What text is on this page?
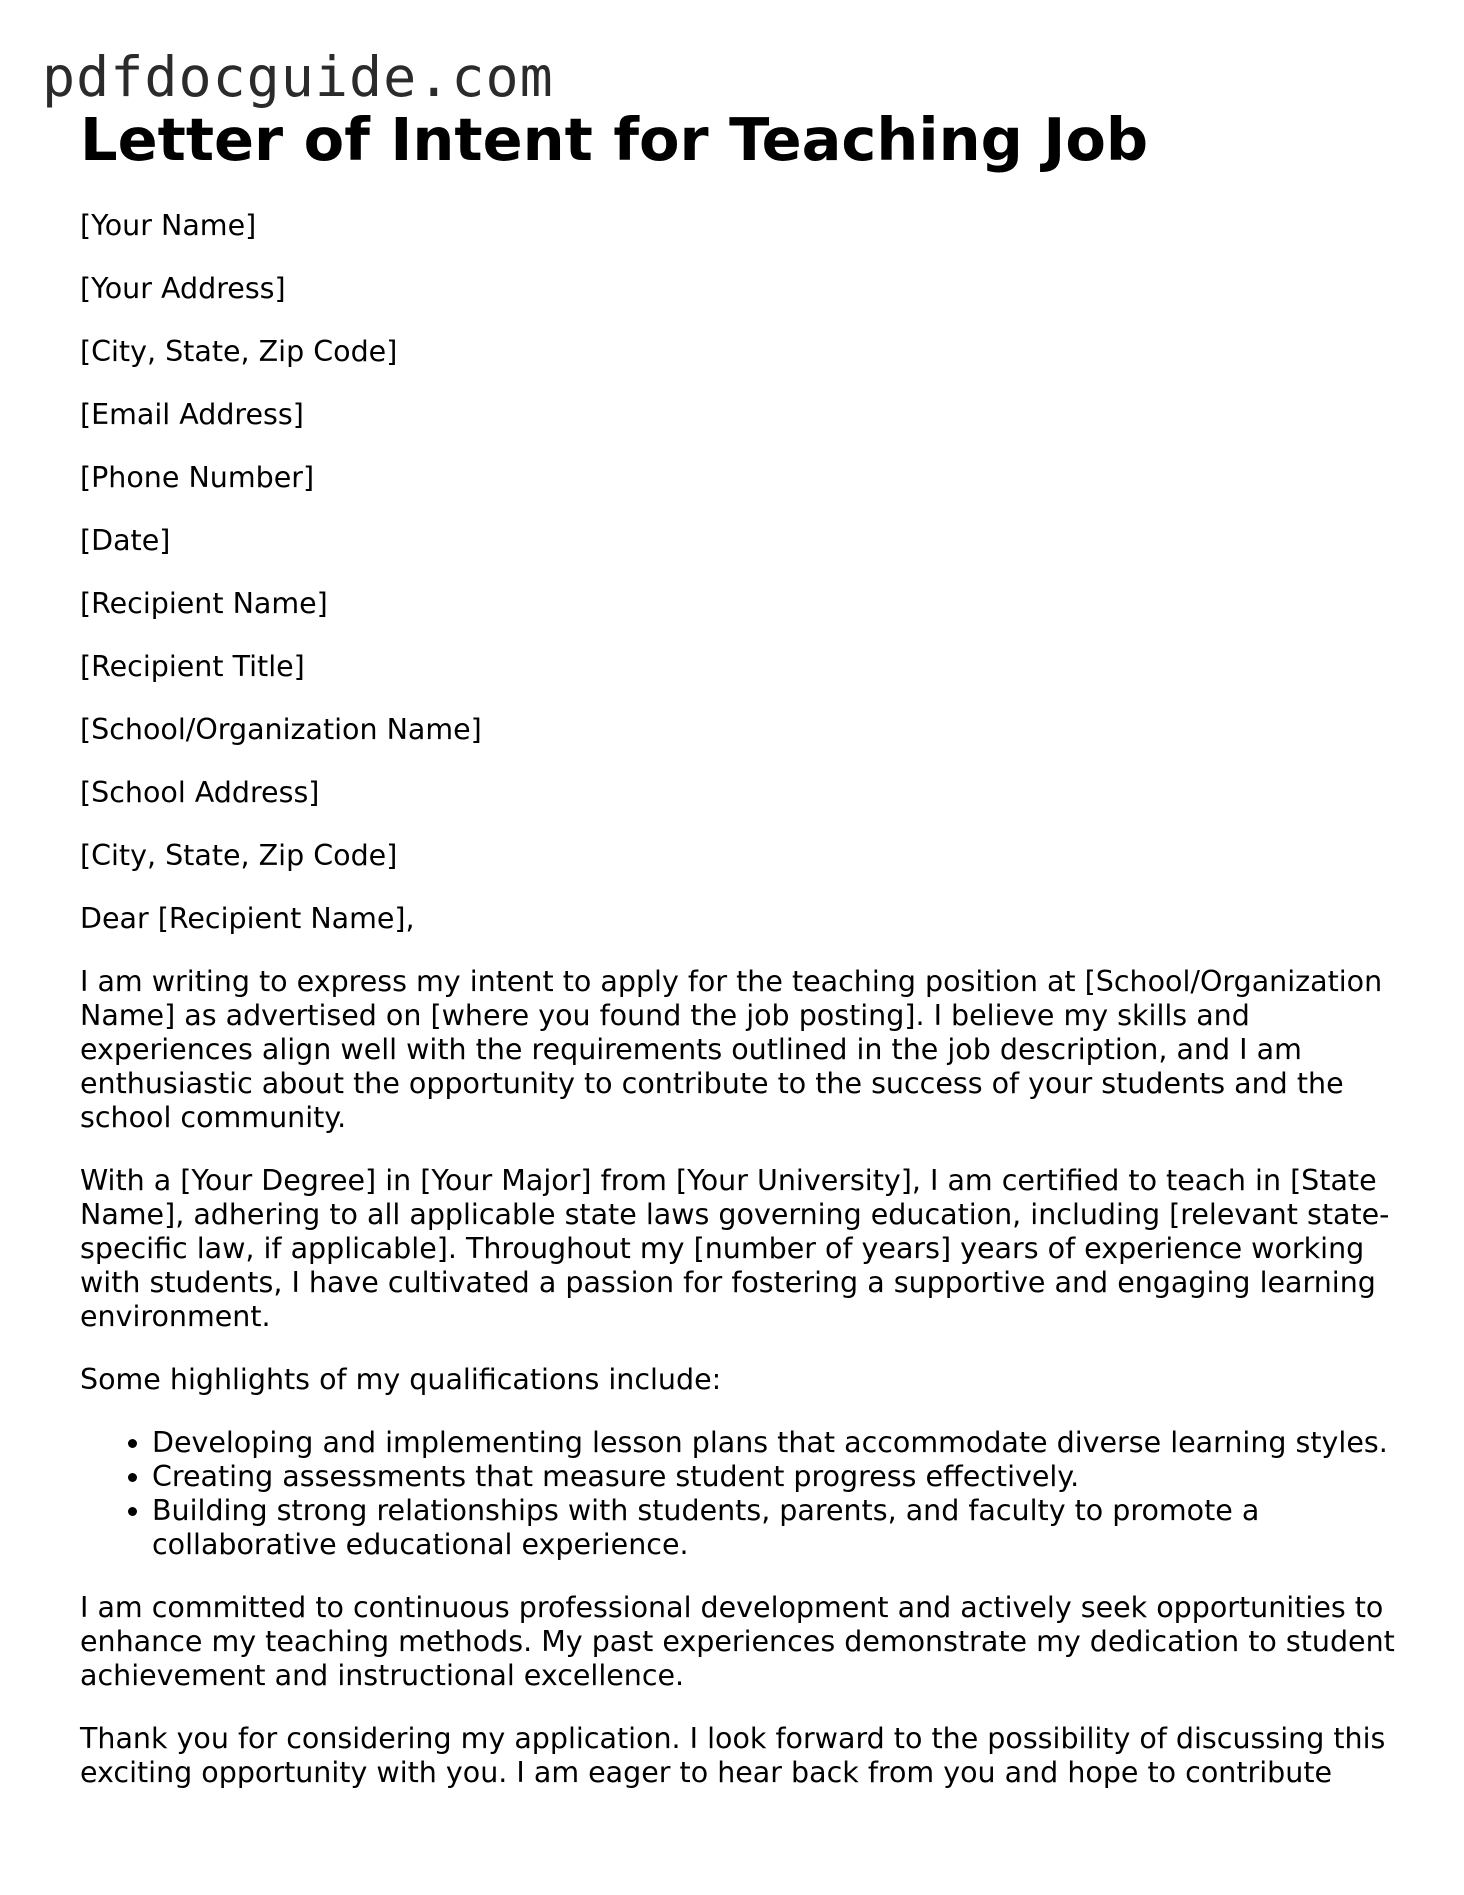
pdfdocguide.com
Letter of Intent for Teaching Job

[Your Name]

[Your Address]

[City, State, Zip Code]

[Email Address]

[Phone Number]

[Date]

[Recipient Name]

[Recipient Title]

[School/Organization Name]

[School Address]

[City, State, Zip Code]

Dear [Recipient Name],

I am writing to express my intent to apply for the teaching position at [School/Organization Name] as advertised on [where you found the job posting]. I believe my skills and experiences align well with the requirements outlined in the job description, and I am enthusiastic about the opportunity to contribute to the success of your students and the school community.

With a [Your Degree] in [Your Major] from [Your University], I am certified to teach in [State Name], adhering to all applicable state laws governing education, including [relevant state-specific law, if applicable]. Throughout my [number of years] years of experience working with students, I have cultivated a passion for fostering a supportive and engaging learning environment.

Some highlights of my qualifications include:

• Developing and implementing lesson plans that accommodate diverse learning styles.
• Creating assessments that measure student progress effectively.
• Building strong relationships with students, parents, and faculty to promote a collaborative educational experience.

I am committed to continuous professional development and actively seek opportunities to enhance my teaching methods. My past experiences demonstrate my dedication to student achievement and instructional excellence.

Thank you for considering my application. I look forward to the possibility of discussing this exciting opportunity with you. I am eager to hear back from you and hope to contribute
